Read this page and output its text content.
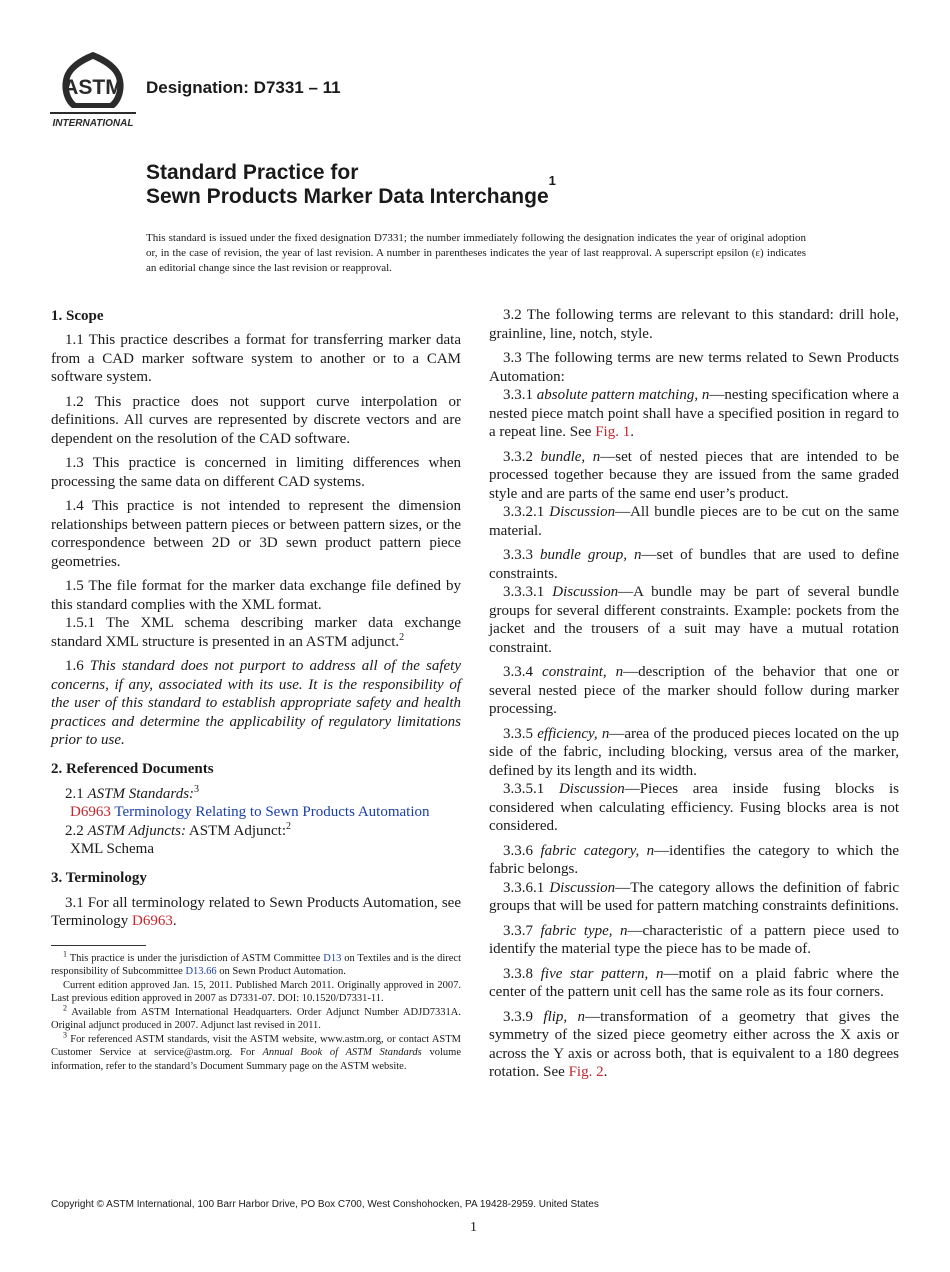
ASTM
INTERNATIONAL
Designation: D7331 – 11
Standard Practice for
Sewn Products Marker Data Interchange$^1$
This standard is issued under the fixed designation D7331; the number immediately following the designation indicates the year of original adoption or, in the case of revision, the year of last revision. A number in parentheses indicates the year of last reapproval. A superscript epsilon (ε) indicates an editorial change since the last revision or reapproval.
1. Scope

1.1 This practice describes a format for transferring marker data from a CAD marker software system to another or to a CAM software system.

1.2 This practice does not support curve interpolation or definitions. All curves are represented by discrete vectors and are dependent on the resolution of the CAD software.

1.3 This practice is concerned in limiting differences when processing the same data on different CAD systems.

1.4 This practice is not intended to represent the dimension relationships between pattern pieces or between pattern sizes, or the correspondence between 2D or 3D sewn product pattern piece geometries.

1.5 The file format for the marker data exchange file defined by this standard complies with the XML format.

1.5.1 The XML schema describing marker data exchange standard XML structure is presented in an ASTM adjunct.$^2$

1.6 This standard does not purport to address all of the safety concerns, if any, associated with its use. It is the responsibility of the user of this standard to establish appropriate safety and health practices and determine the applicability of regulatory limitations prior to use.

2. Referenced Documents

2.1 ASTM Standards:$^3$

D6963 Terminology Relating to Sewn Products Automation

2.2 ASTM Adjuncts: ASTM Adjunct:$^2$

XML Schema
3. Terminology

3.1 For all terminology related to Sewn Products Automation, see Terminology D6963.

$^1$ This practice is under the jurisdiction of ASTM Committee D13 on Textiles and is the direct responsibility of Subcommittee D13.66 on Sewn Product Automation.

Current edition approved Jan. 15, 2011. Published March 2011. Originally approved in 2007. Last previous edition approved in 2007 as D7331-07. DOI: 10.1520/D7331-11.

$^2$ Available from ASTM International Headquarters. Order Adjunct Number ADJD7331A. Original adjunct produced in 2007. Adjunct last revised in 2011.

$^3$ For referenced ASTM standards, visit the ASTM website, www.astm.org, or contact ASTM Customer Service at service@astm.org. For Annual Book of ASTM Standards volume information, refer to the standard’s Document Summary page on the ASTM website.

3.2 The following terms are relevant to this standard: drill hole, grainline, line, notch, style.

3.3 The following terms are new terms related to Sewn Products Automation:

3.3.1 absolute pattern matching, n—nesting specification where a nested piece match point shall have a specified position in regard to a repeat line. See Fig. 1.

3.3.2 bundle, n—set of nested pieces that are intended to be processed together because they are issued from the same graded style and are parts of the same end user’s product.

3.3.2.1 Discussion—All bundle pieces are to be cut on the same material.

3.3.3 bundle group, n—set of bundles that are used to define constraints.

3.3.3.1 Discussion—A bundle may be part of several bundle groups for several different constraints. Example: pockets from the jacket and the trousers of a suit may have a mutual rotation constraint.

3.3.4 constraint, n—description of the behavior that one or several nested piece of the marker should follow during marker processing.

3.3.5 efficiency, n—area of the produced pieces located on the up side of the fabric, including blocking, versus area of the marker, defined by its length and its width.

3.3.5.1 Discussion—Pieces area inside fusing blocks is considered when calculating efficiency. Fusing blocks area is not considered.

3.3.6 fabric category, n—identifies the category to which the fabric belongs.

3.3.6.1 Discussion—The category allows the definition of fabric groups that will be used for pattern matching constraints definitions.

3.3.7 fabric type, n—characteristic of a pattern piece used to identify the material type the piece has to be made of.

3.3.8 five star pattern, n—motif on a plaid fabric where the center of the pattern unit cell has the same role as its four corners.

3.3.9 flip, n—transformation of a geometry that gives the symmetry of the sized piece geometry either across the X axis or across the Y axis or across both, that is equivalent to a 180 degrees rotation. See Fig. 2.

Copyright © ASTM International, 100 Barr Harbor Drive, PO Box C700, West Conshohocken, PA 19428-2959. United States
1
